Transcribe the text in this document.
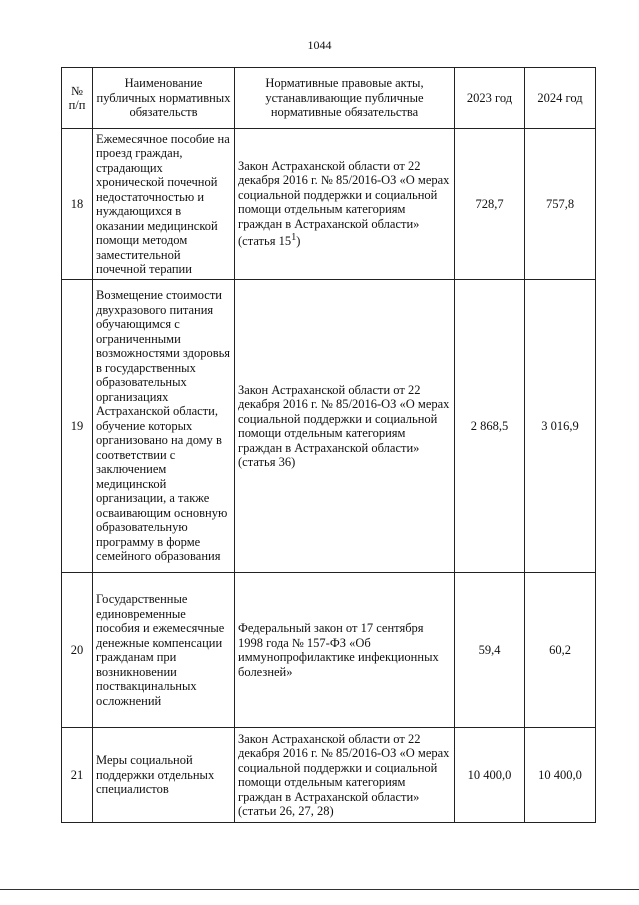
1044
№ п/п	Наименование публичных нормативных обязательств	Нормативные правовые акты, устанавливающие публичные нормативные обязательства	2023 год	2024 год
18	Ежемесячное пособие на проезд граждан, страдающих хронической почечной недостаточностью и нуждающихся в оказании медицинской помощи методом заместительной почечной терапии	Закон Астраханской области от 22 декабря 2016 г. № 85/2016-ОЗ «О мерах социальной поддержки и социальной помощи отдельным категориям граждан в Астраханской области» (статья $15^1$)	728,7	757,8
19	Возмещение стоимости двухразового питания обучающимся с ограниченными возможностями здоровья в государственных образовательных организациях Астраханской области, обучение которых организовано на дому в соответствии с заключением медицинской организации, а также осваивающим основную образовательную программу в форме семейного образования	Закон Астраханской области от 22 декабря 2016 г. № 85/2016-ОЗ «О мерах социальной поддержки и социальной помощи отдельным категориям граждан в Астраханской области» (статья 36)	2 868,5	3 016,9
20	Государственные единовременные пособия и ежемесячные денежные компенсации гражданам при возникновении поствакцинальных осложнений	Федеральный закон от 17 сентября 1998 года № 157-ФЗ «Об иммунопрофилактике инфекционных болезней»	59,4	60,2
21	Меры социальной поддержки отдельных специалистов	Закон Астраханской области от 22 декабря 2016 г. № 85/2016-ОЗ «О мерах социальной поддержки и социальной помощи отдельным категориям граждан в Астраханской области» (статьи 26, 27, 28)	10 400,0	10 400,0
